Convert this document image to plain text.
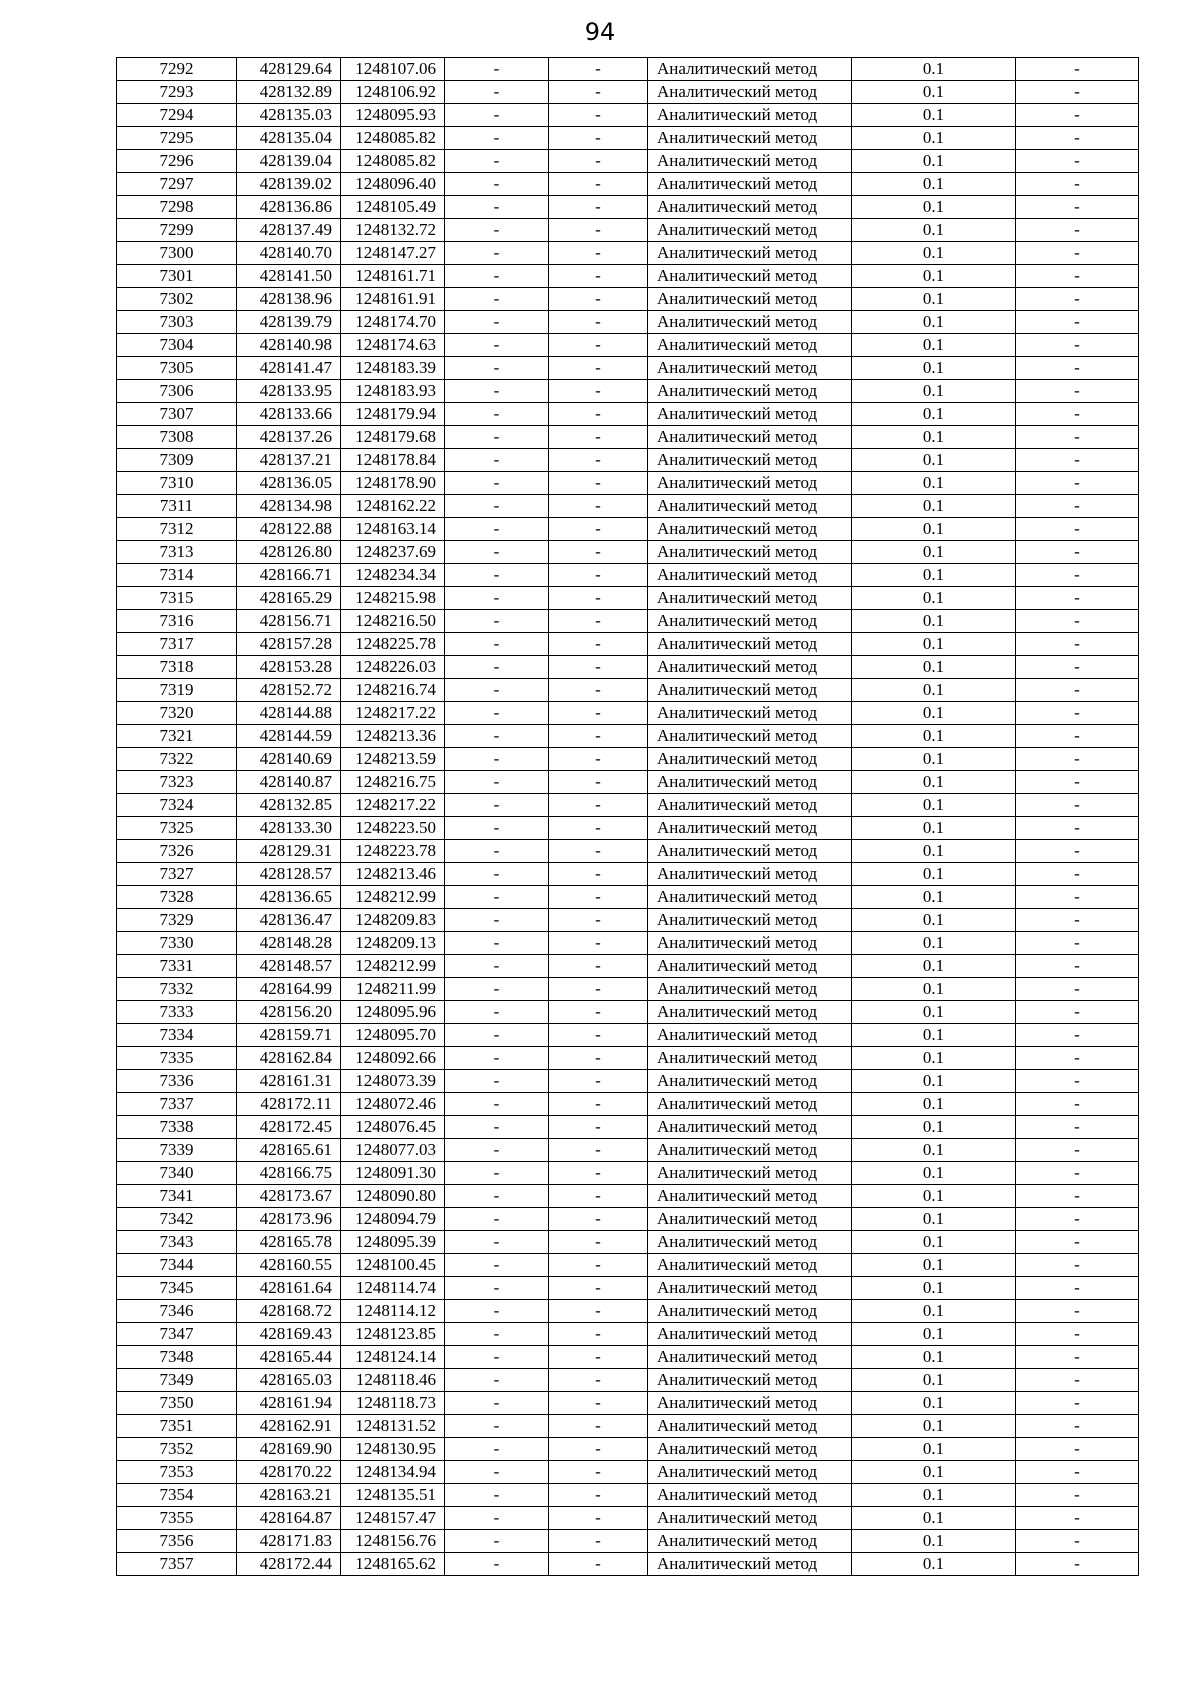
94
7292	428129.64	1248107.06	-	-	Аналитический метод	0.1	-
7293	428132.89	1248106.92	-	-	Аналитический метод	0.1	-
7294	428135.03	1248095.93	-	-	Аналитический метод	0.1	-
7295	428135.04	1248085.82	-	-	Аналитический метод	0.1	-
7296	428139.04	1248085.82	-	-	Аналитический метод	0.1	-
7297	428139.02	1248096.40	-	-	Аналитический метод	0.1	-
7298	428136.86	1248105.49	-	-	Аналитический метод	0.1	-
7299	428137.49	1248132.72	-	-	Аналитический метод	0.1	-
7300	428140.70	1248147.27	-	-	Аналитический метод	0.1	-
7301	428141.50	1248161.71	-	-	Аналитический метод	0.1	-
7302	428138.96	1248161.91	-	-	Аналитический метод	0.1	-
7303	428139.79	1248174.70	-	-	Аналитический метод	0.1	-
7304	428140.98	1248174.63	-	-	Аналитический метод	0.1	-
7305	428141.47	1248183.39	-	-	Аналитический метод	0.1	-
7306	428133.95	1248183.93	-	-	Аналитический метод	0.1	-
7307	428133.66	1248179.94	-	-	Аналитический метод	0.1	-
7308	428137.26	1248179.68	-	-	Аналитический метод	0.1	-
7309	428137.21	1248178.84	-	-	Аналитический метод	0.1	-
7310	428136.05	1248178.90	-	-	Аналитический метод	0.1	-
7311	428134.98	1248162.22	-	-	Аналитический метод	0.1	-
7312	428122.88	1248163.14	-	-	Аналитический метод	0.1	-
7313	428126.80	1248237.69	-	-	Аналитический метод	0.1	-
7314	428166.71	1248234.34	-	-	Аналитический метод	0.1	-
7315	428165.29	1248215.98	-	-	Аналитический метод	0.1	-
7316	428156.71	1248216.50	-	-	Аналитический метод	0.1	-
7317	428157.28	1248225.78	-	-	Аналитический метод	0.1	-
7318	428153.28	1248226.03	-	-	Аналитический метод	0.1	-
7319	428152.72	1248216.74	-	-	Аналитический метод	0.1	-
7320	428144.88	1248217.22	-	-	Аналитический метод	0.1	-
7321	428144.59	1248213.36	-	-	Аналитический метод	0.1	-
7322	428140.69	1248213.59	-	-	Аналитический метод	0.1	-
7323	428140.87	1248216.75	-	-	Аналитический метод	0.1	-
7324	428132.85	1248217.22	-	-	Аналитический метод	0.1	-
7325	428133.30	1248223.50	-	-	Аналитический метод	0.1	-
7326	428129.31	1248223.78	-	-	Аналитический метод	0.1	-
7327	428128.57	1248213.46	-	-	Аналитический метод	0.1	-
7328	428136.65	1248212.99	-	-	Аналитический метод	0.1	-
7329	428136.47	1248209.83	-	-	Аналитический метод	0.1	-
7330	428148.28	1248209.13	-	-	Аналитический метод	0.1	-
7331	428148.57	1248212.99	-	-	Аналитический метод	0.1	-
7332	428164.99	1248211.99	-	-	Аналитический метод	0.1	-
7333	428156.20	1248095.96	-	-	Аналитический метод	0.1	-
7334	428159.71	1248095.70	-	-	Аналитический метод	0.1	-
7335	428162.84	1248092.66	-	-	Аналитический метод	0.1	-
7336	428161.31	1248073.39	-	-	Аналитический метод	0.1	-
7337	428172.11	1248072.46	-	-	Аналитический метод	0.1	-
7338	428172.45	1248076.45	-	-	Аналитический метод	0.1	-
7339	428165.61	1248077.03	-	-	Аналитический метод	0.1	-
7340	428166.75	1248091.30	-	-	Аналитический метод	0.1	-
7341	428173.67	1248090.80	-	-	Аналитический метод	0.1	-
7342	428173.96	1248094.79	-	-	Аналитический метод	0.1	-
7343	428165.78	1248095.39	-	-	Аналитический метод	0.1	-
7344	428160.55	1248100.45	-	-	Аналитический метод	0.1	-
7345	428161.64	1248114.74	-	-	Аналитический метод	0.1	-
7346	428168.72	1248114.12	-	-	Аналитический метод	0.1	-
7347	428169.43	1248123.85	-	-	Аналитический метод	0.1	-
7348	428165.44	1248124.14	-	-	Аналитический метод	0.1	-
7349	428165.03	1248118.46	-	-	Аналитический метод	0.1	-
7350	428161.94	1248118.73	-	-	Аналитический метод	0.1	-
7351	428162.91	1248131.52	-	-	Аналитический метод	0.1	-
7352	428169.90	1248130.95	-	-	Аналитический метод	0.1	-
7353	428170.22	1248134.94	-	-	Аналитический метод	0.1	-
7354	428163.21	1248135.51	-	-	Аналитический метод	0.1	-
7355	428164.87	1248157.47	-	-	Аналитический метод	0.1	-
7356	428171.83	1248156.76	-	-	Аналитический метод	0.1	-
7357	428172.44	1248165.62	-	-	Аналитический метод	0.1	-
